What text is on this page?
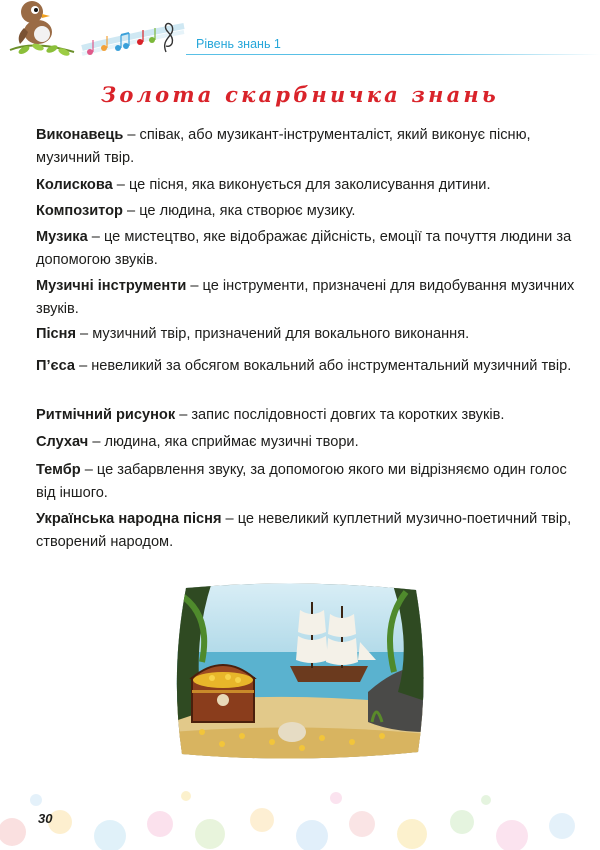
Рівень знань 1
Золота скарбничка знань

Виконавець – співак, або музикант-інструменталіст, який виконує пісню, музичний твір.

Колискова – це пісня, яка виконується для заколисування дитини.

Композитор – це людина, яка створює музику.

Музика – це мистецтво, яке відображає дійсність, емоції та почуття людини за допомогою звуків.

Музичні інструменти – це інструменти, призначені для видобування музичних звуків.

Пісня – музичний твір, призначений для вокального виконання.

П’єса – невеликий за обсягом вокальний або інструментальний музичний твір.

Ритмічний рисунок – запис послідовності довгих та коротких звуків.

Слухач – людина, яка сприймає музичні твори.

Тембр – це забарвлення звуку, за допомогою якого ми відрізняємо один голос від іншого.

Українська народна пісня – це невеликий куплетний музично-поетичний твір, створений народом.

30
